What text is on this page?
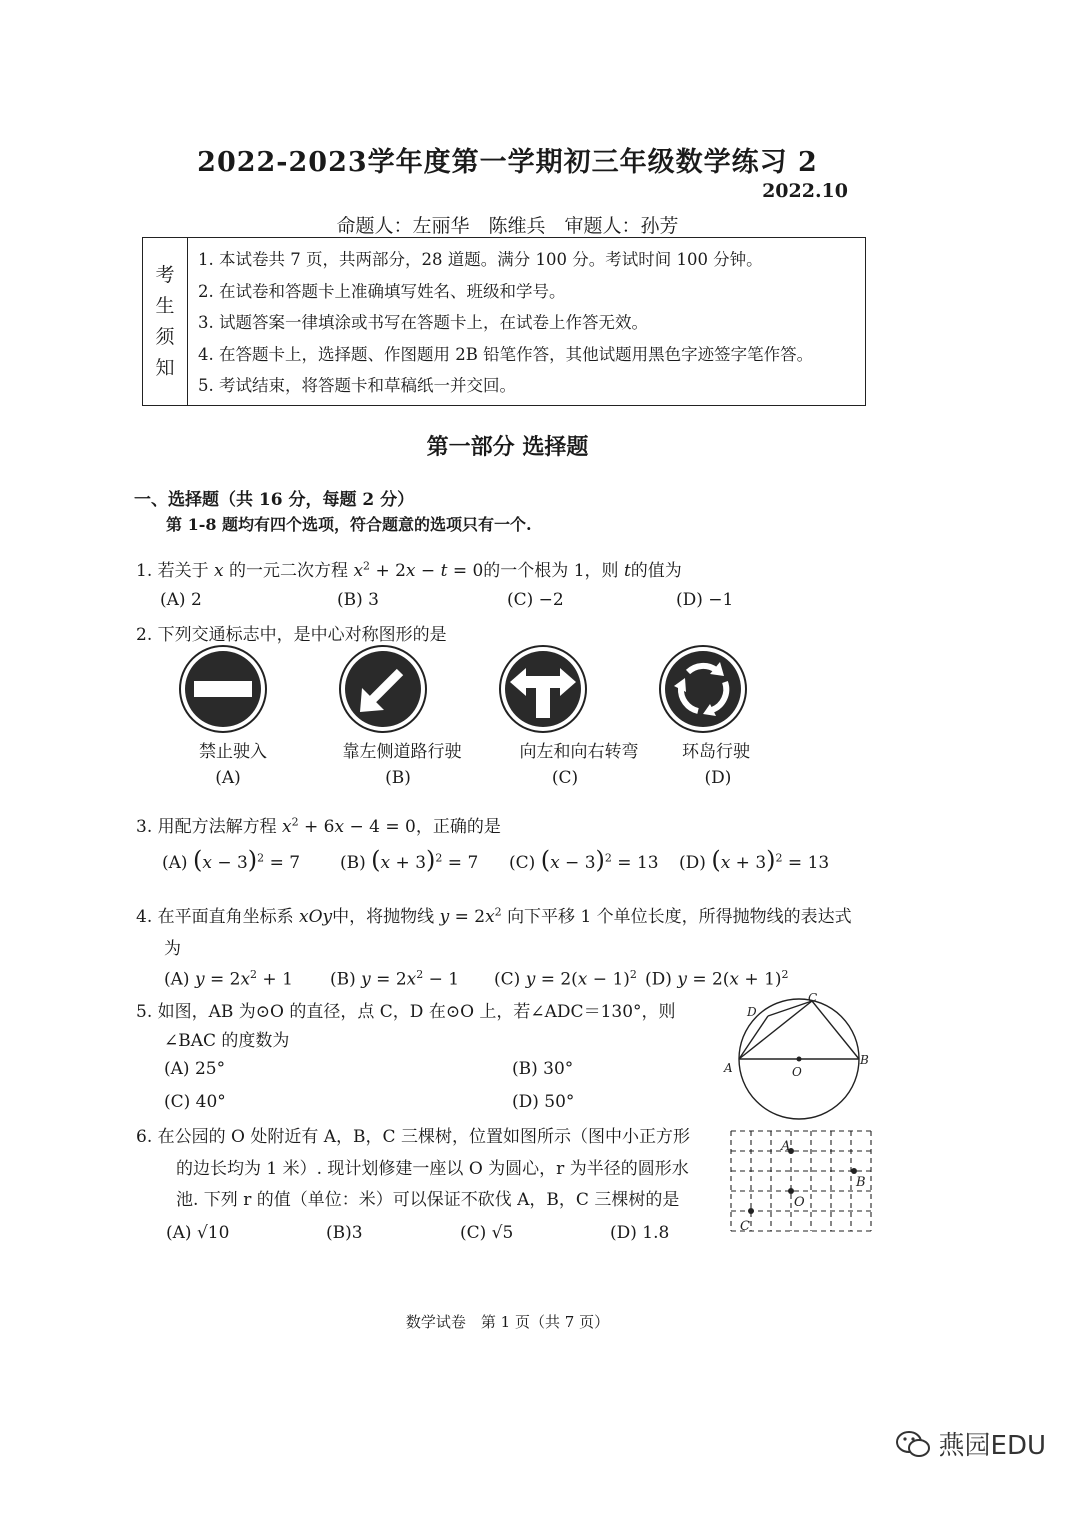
2022-2023学年度第一学期初三年级数学练习 2
2022.10
命题人：左丽华　陈维兵　审题人：孙芳
考
生
须
知
1. 本试卷共 7 页，共两部分，28 道题。满分 100 分。考试时间 100 分钟。
2. 在试卷和答题卡上准确填写姓名、班级和学号。
3. 试题答案一律填涂或书写在答题卡上，在试卷上作答无效。
4. 在答题卡上，选择题、作图题用 2B 铅笔作答，其他试题用黑色字迹签字笔作答。
5. 考试结束，将答题卡和草稿纸一并交回。
第一部分 选择题
一、选择题（共 16 分，每题 2 分）
第 1-8 题均有四个选项，符合题意的选项只有一个.
1. 若关于 x 的一元二次方程 $x^2 + 2x - t = 0$的一个根为 1，则 t的值为
(A) 2	(B) 3	(C) −2	(D) −1
2. 下列交通标志中，是中心对称图形的是
禁止驶入	靠左侧道路行驶	向左和向右转弯	环岛行驶
(A)	(B)	(C)	(D)
3. 用配方法解方程 $x^2 + 6x - 4 = 0$，正确的是
(A) $(x - 3)^2 = 7$ (B) $(x + 3)^2 = 7$ (C) $(x - 3)^2 = 13$ (D) $(x + 3)^2 = 13$
4. 在平面直角坐标系 xOy中，将抛物线 $y = 2x^2$ 向下平移 1 个单位长度，所得抛物线的表达式
为
(A) $y = 2x^2 + 1$ (B) $y = 2x^2 - 1$ (C) $y = 2(x - 1)^2$ (D) $y = 2(x + 1)^2$
5. 如图，AB 为⊙O 的直径，点 C，D 在⊙O 上，若∠ADC＝130°，则
∠BAC 的度数为
(A) 25°	(B) 30°
(C) 40°	(D) 50°
A
B
C
D
O
6. 在公园的 O 处附近有 A，B，C 三棵树，位置如图所示（图中小正方形
的边长均为 1 米）. 现计划修建一座以 O 为圆心，r 为半径的圆形水
池. 下列 r 的值（单位：米）可以保证不砍伐 A，B，C 三棵树的是
(A) √10	(B)3	(C) √5	(D) 1.8
A
B
C
O
数学试卷　第 1 页（共 7 页）
燕园EDU
